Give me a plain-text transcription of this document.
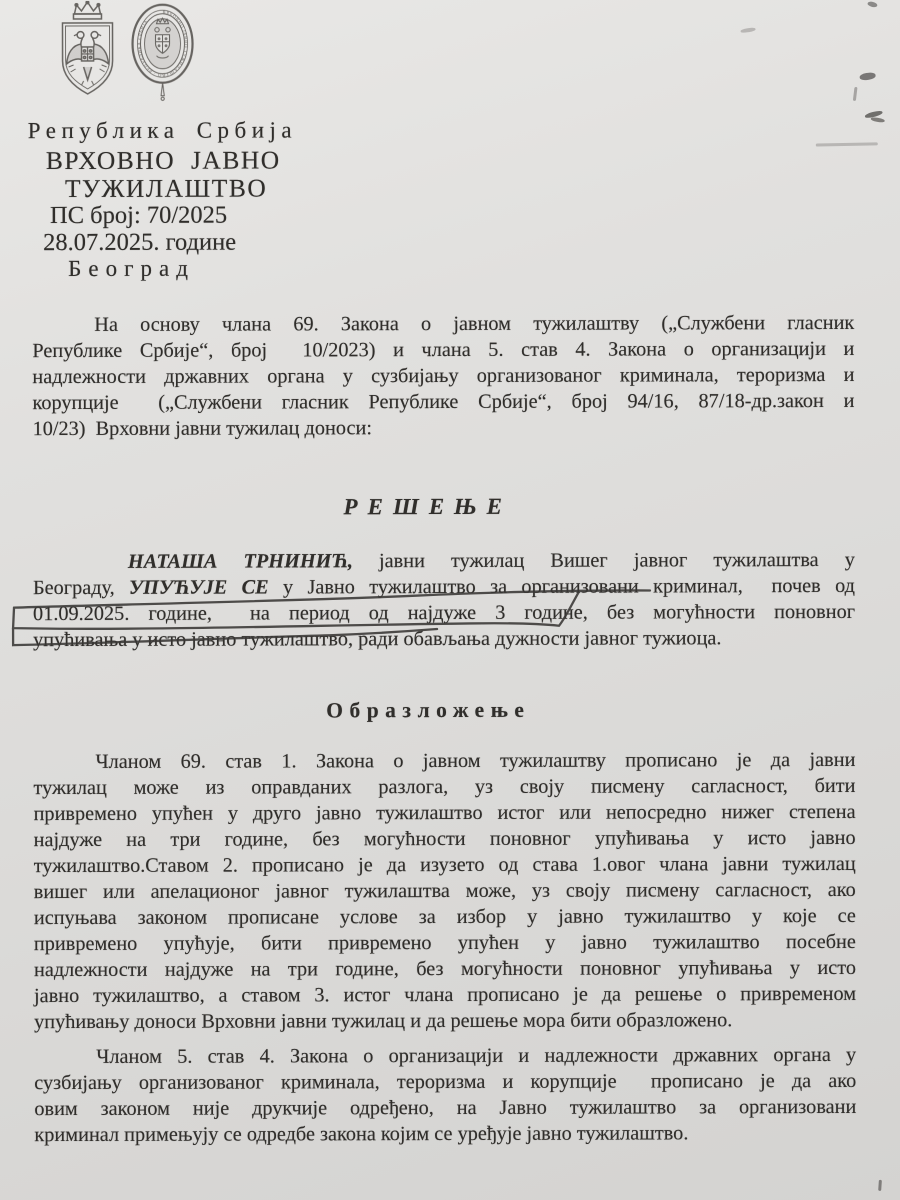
ВРХОВНО ЈАВНО ТУЖИЛАШТВО · РЕПУБЛИКА СРБИЈА
Република Србија
ВРХОВНО ЈАВНО
ТУЖИЛАШТВО
ПС број: 70/2025
28.07.2025. године
Београд
На основу члана 69. Закона о јавном тужилаштву („Службени гласник
Републике Србије“, број  10/2023) и члана 5. став 4. Закона о организацији и
надлежности државних органа у сузбијању организованог криминала, тероризма и
корупције  („Службени гласник Републике Србије“, број 94/16, 87/18-др.закон и
10/23)  Врховни јавни тужилац доноси:
РЕШЕЊЕ
НАТАША ТРНИНИЋ, јавни тужилац Вишег јавног тужилаштва у
Београду, УПУЋУЈЕ СЕ у Јавно тужилаштво за организовани криминал,  почев од
01.09.2025. године,  на период од најдуже 3 године, без могућности поновног
упућивања у исто јавно тужилаштво, ради обављања дужности јавног тужиоца.
Образложење
Чланом 69. став 1. Закона о јавном тужилаштву прописано је да јавни
тужилац може из оправданих разлога, уз своју писмену сагласност, бити
привремено упућен у друго јавно тужилаштво истог или непосредно нижег степена
најдуже на три године, без могућности поновног упућивања у исто јавно
тужилаштво.Ставом 2. прописано је да изузето од става 1.овог члана јавни тужилац
вишег или апелационог јавног тужилаштва може, уз своју писмену сагласност, ако
испуњава законом прописане услове за избор у јавно тужилаштво у које се
привремено упућује, бити привремено упућен у јавно тужилаштво посебне
надлежности најдуже на три године, без могућности поновног упућивања у исто
јавно тужилаштво, а ставом 3. истог члана прописано је да решење о привременом
упућивању доноси Врховни јавни тужилац и да решење мора бити образложено.
Чланом 5. став 4. Закона о организацији и надлежности државних органа у
сузбијању организованог криминала, тероризма и корупције  прописано је да ако
овим законом није друкчије одређено, на Јавно тужилаштво за организовани
криминал примењују се одредбе закона којим се уређује јавно тужилаштво.
